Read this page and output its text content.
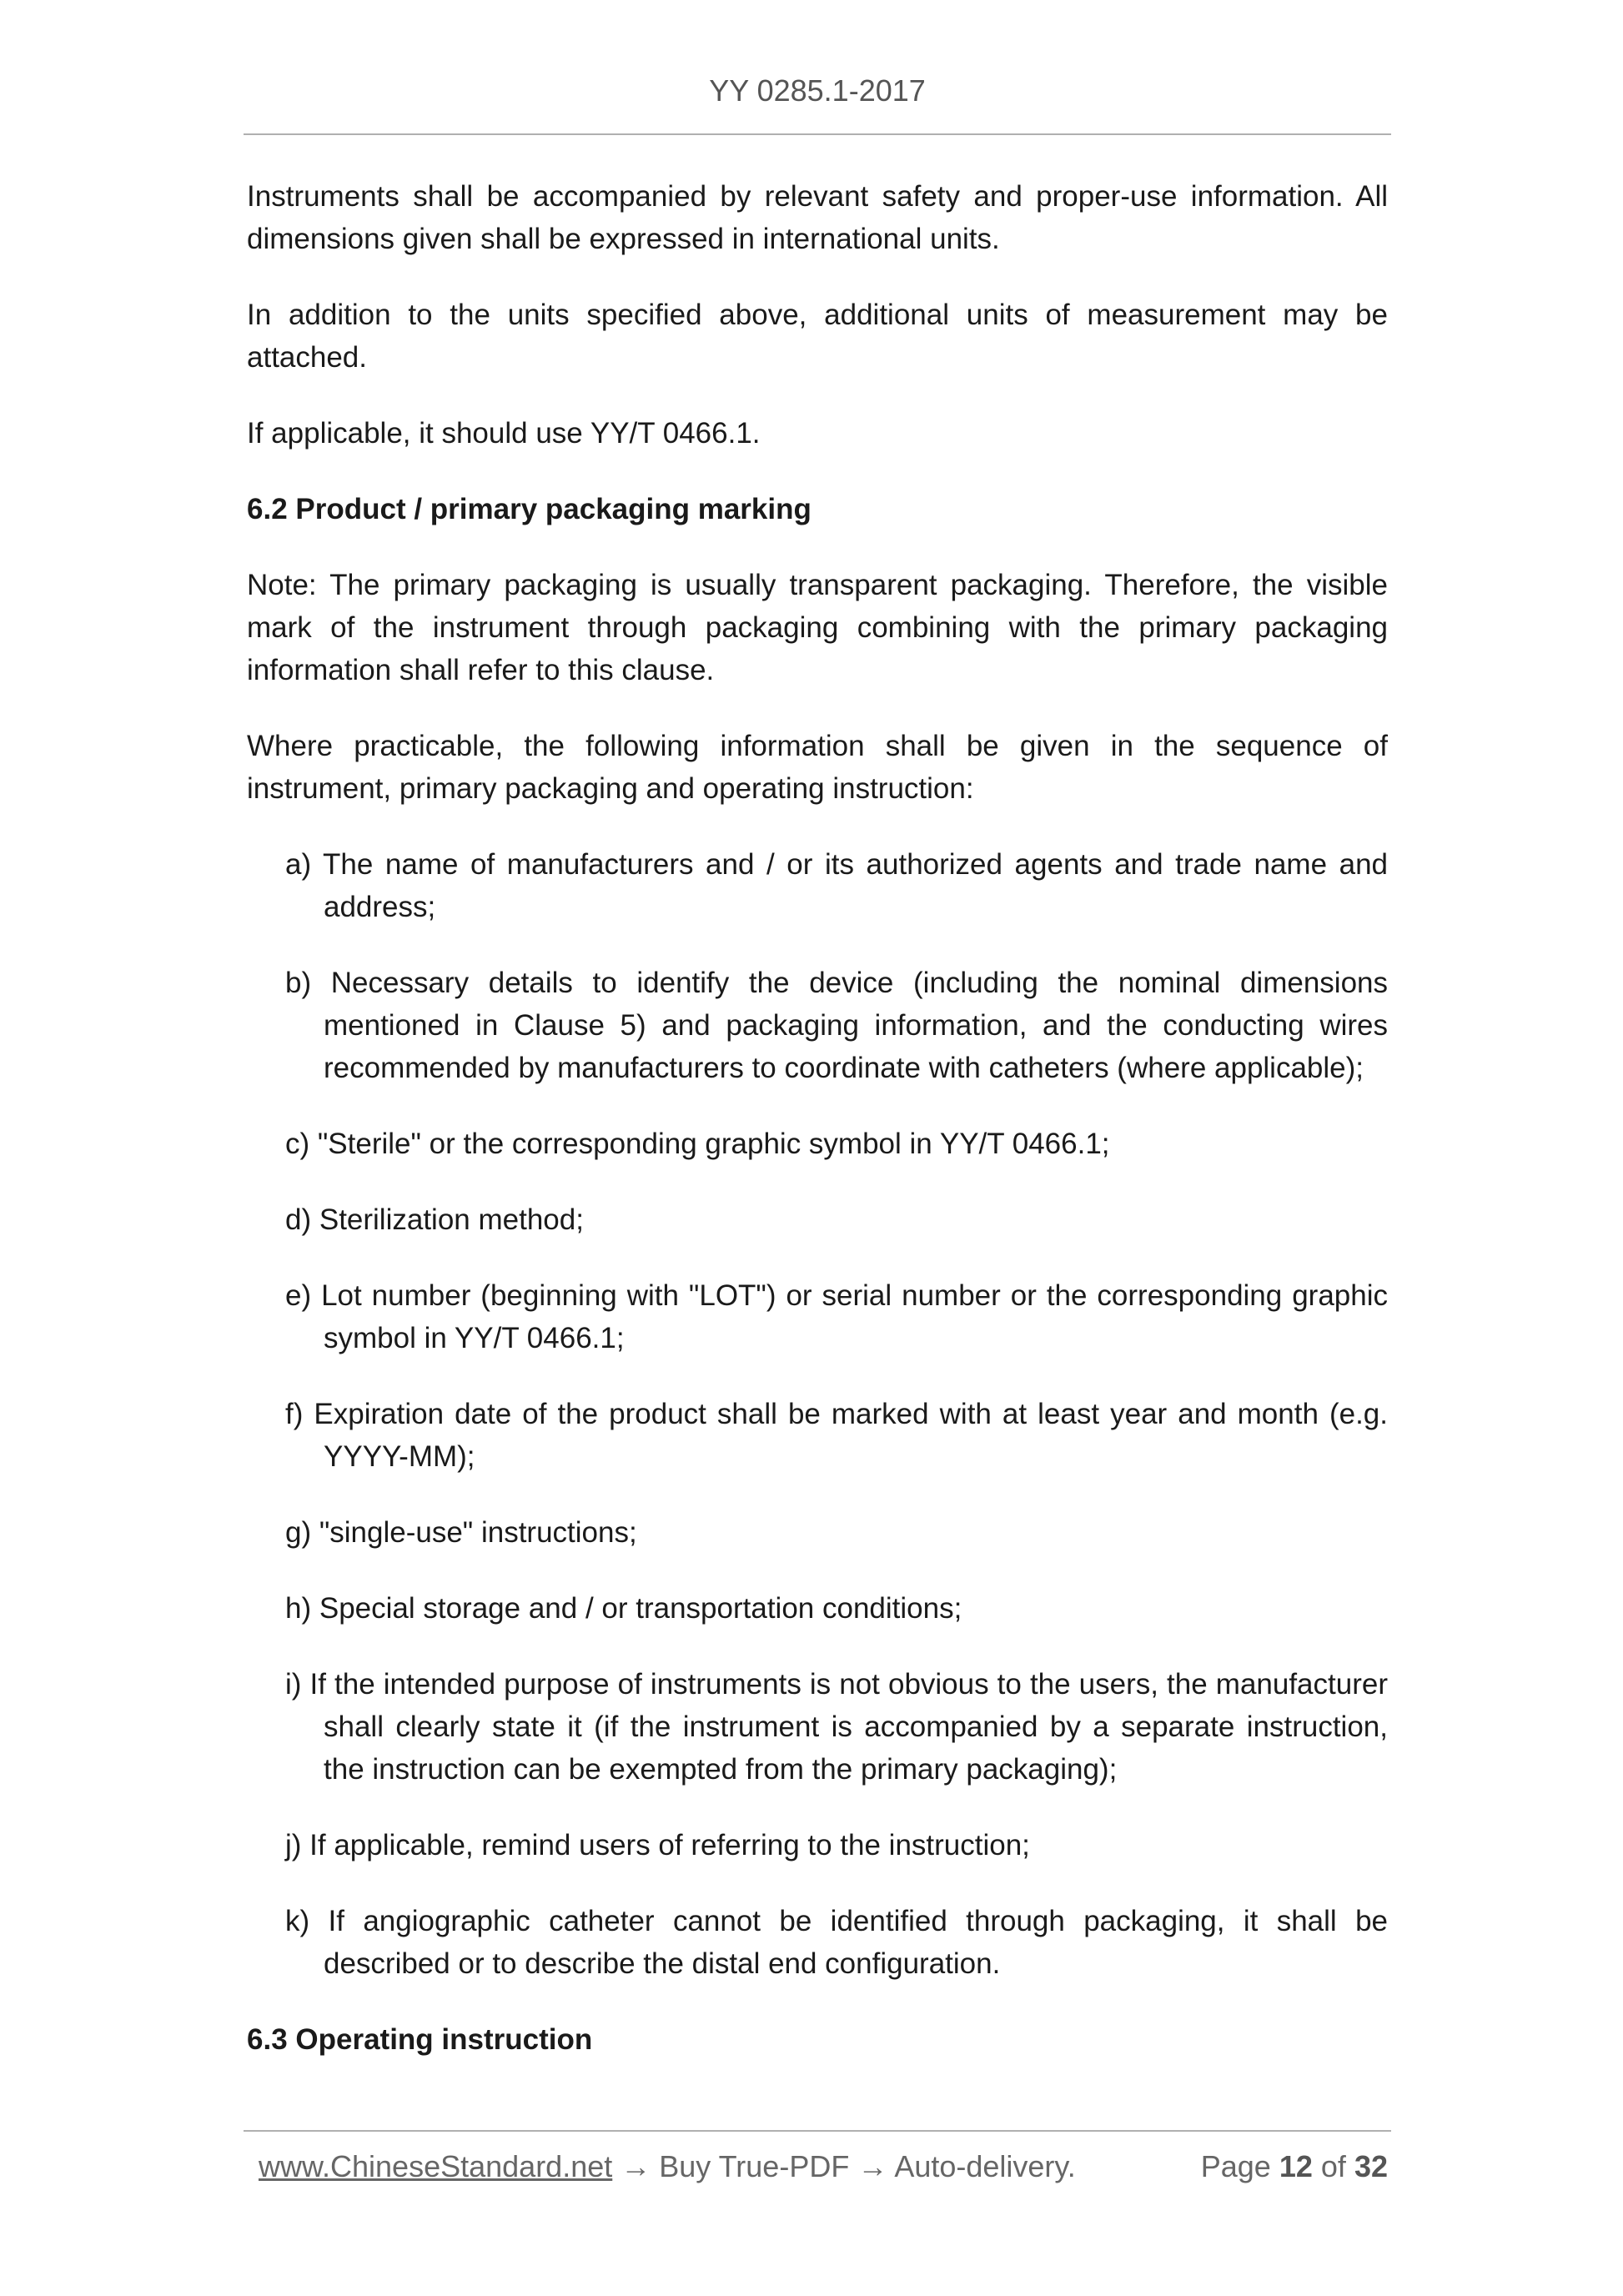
YY 0285.1-2017

Instruments shall be accompanied by relevant safety and proper-use information. All dimensions given shall be expressed in international units.

In addition to the units specified above, additional units of measurement may be attached.

If applicable, it should use YY/T 0466.1.

6.2 Product / primary packaging marking

Note: The primary packaging is usually transparent packaging. Therefore, the visible mark of the instrument through packaging combining with the primary packaging information shall refer to this clause.

Where practicable, the following information shall be given in the sequence of instrument, primary packaging and operating instruction:

a) The name of manufacturers and / or its authorized agents and trade name and address;

b) Necessary details to identify the device (including the nominal dimensions mentioned in Clause 5) and packaging information, and the conducting wires recommended by manufacturers to coordinate with catheters (where applicable);

c) "Sterile" or the corresponding graphic symbol in YY/T 0466.1;

d) Sterilization method;

e) Lot number (beginning with "LOT") or serial number or the corresponding graphic symbol in YY/T 0466.1;

f) Expiration date of the product shall be marked with at least year and month (e.g. YYYY-MM);

g) "single-use" instructions;

h) Special storage and / or transportation conditions;

i) If the intended purpose of instruments is not obvious to the users, the manufacturer shall clearly state it (if the instrument is accompanied by a separate instruction, the instruction can be exempted from the primary packaging);

j) If applicable, remind users of referring to the instruction;

k) If angiographic catheter cannot be identified through packaging, it shall be described or to describe the distal end configuration.

6.3 Operating instruction

www.ChineseStandard.net → Buy True-PDF → Auto-delivery.	Page 12 of 32
